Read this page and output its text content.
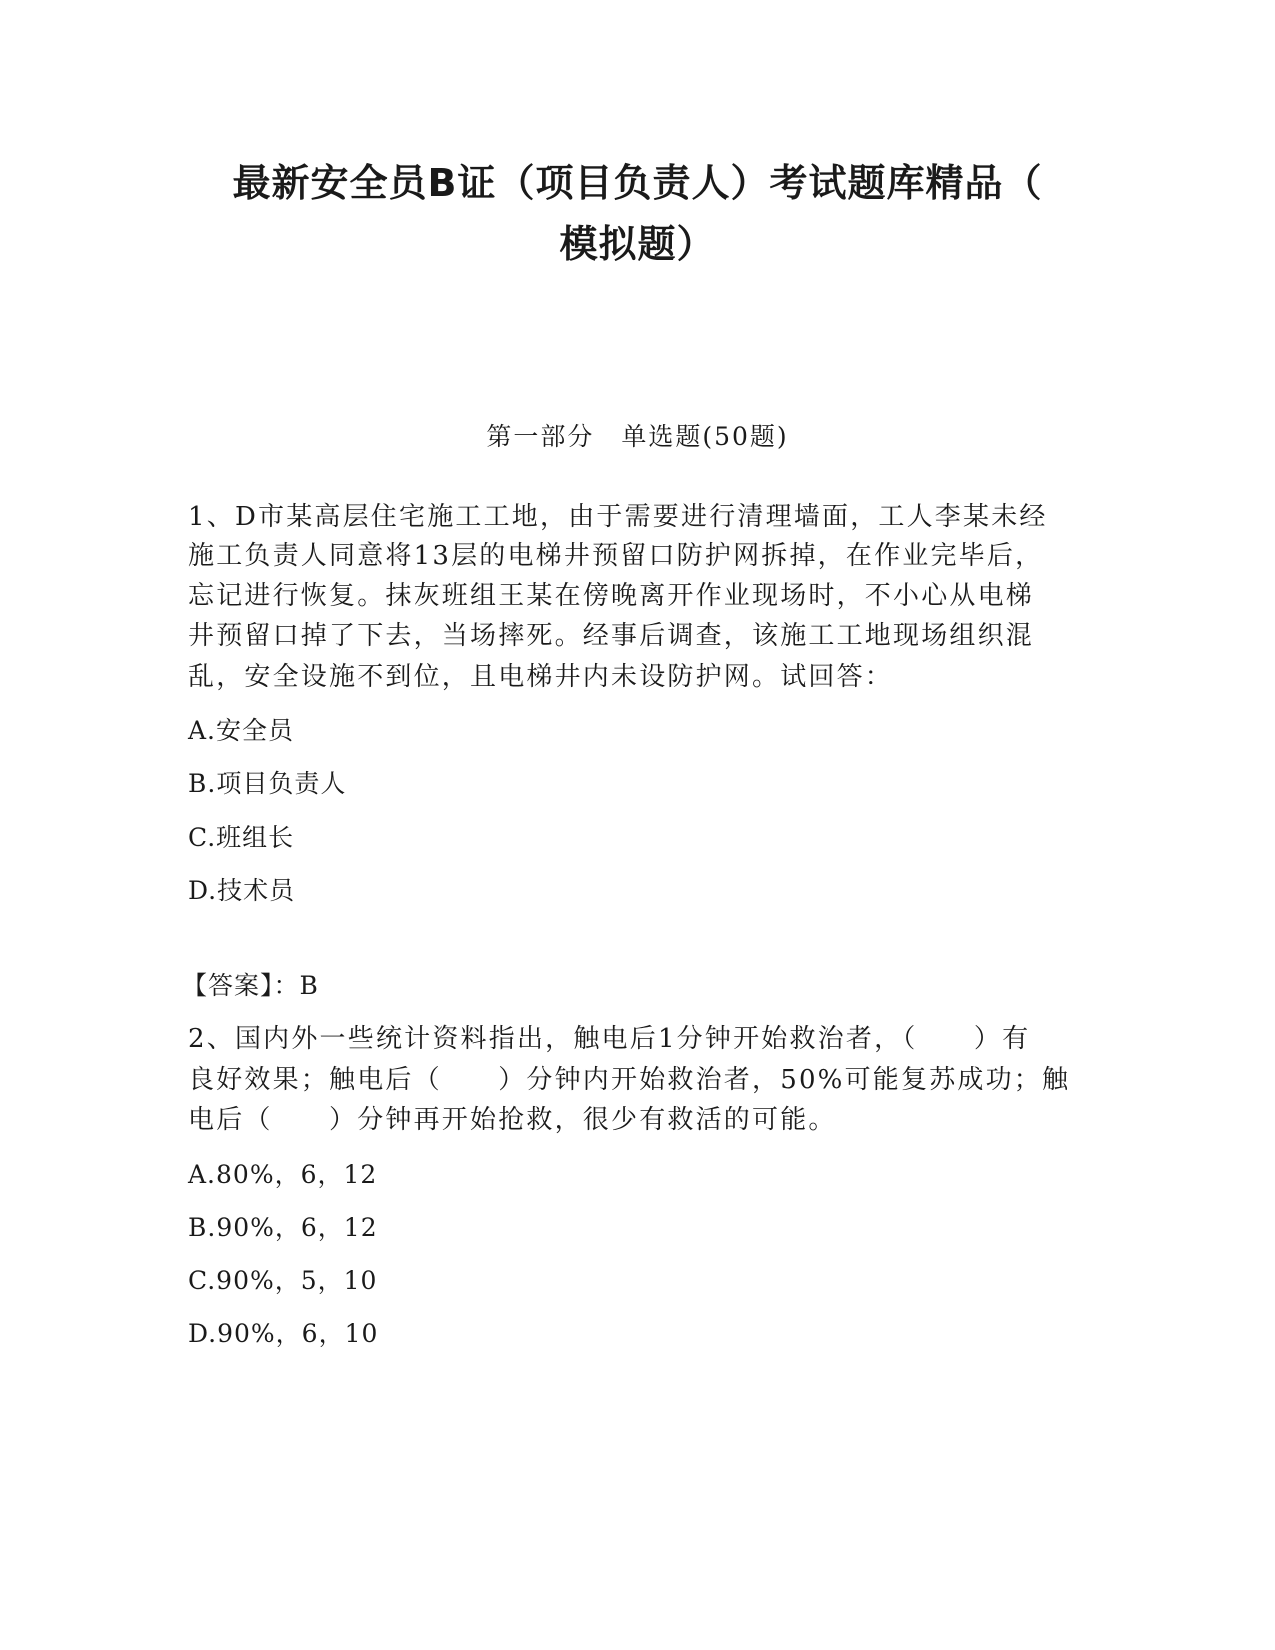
最新安全员B证（项目负责人）考试题库精品（
模拟题）
第一部分　单选题(50题)
1、D市某高层住宅施工工地，由于需要进行清理墙面，工人李某未经
施工负责人同意将13层的电梯井预留口防护网拆掉，在作业完毕后，
忘记进行恢复。抹灰班组王某在傍晚离开作业现场时，不小心从电梯
井预留口掉了下去，当场摔死。经事后调查，该施工工地现场组织混
乱，安全设施不到位，且电梯井内未设防护网。试回答：
A.安全员
B.项目负责人
C.班组长
D.技术员
【答案】：B
2、国内外一些统计资料指出，触电后1分钟开始救治者，（　　）有
良好效果；触电后（　　）分钟内开始救治者，50%可能复苏成功；触
电后（　　）分钟再开始抢救，很少有救活的可能。
A.80%，6，12
B.90%，6，12
C.90%，5，10
D.90%，6，10
